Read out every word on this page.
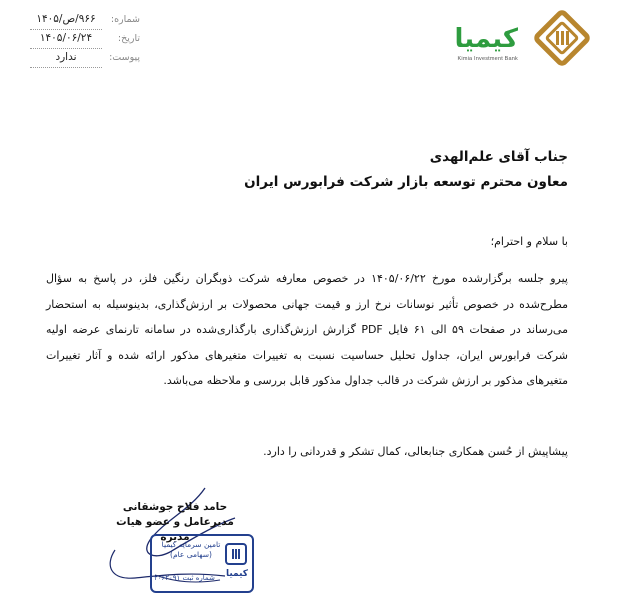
شماره:
۹۶۶/ص/۱۴۰۵
تاریخ:
۱۴۰۵/۰۶/۲۴
پیوست:
ندارد
کیمیا
Kimia Investment Bank
جناب آقای علم‌الهدی
معاون محترم توسعه بازار شرکت فرابورس ایران
با سلام و احترام؛

پیرو جلسه برگزارشده مورخ ۱۴۰۵/۰۶/۲۲ در خصوص معارفه شرکت ذوبگران رنگین فلز، در پاسخ به سؤال مطرح‌شده در خصوص تأثیر نوسانات نرخ ارز و قیمت جهانی محصولات بر ارزش‌گذاری، بدینوسیله به استحضار می‌رساند در صفحات ۵۹ الی ۶۱ فایل PDF گزارش ارزش‌گذاری بارگذاری‌شده در سامانه تارنمای عرضه اولیه شرکت فرابورس ایران، جداول تحلیل حساسیت نسبت به تغییرات متغیرهای مذکور ارائه شده و آثار تغییرات متغیرهای مذکور بر ارزش شرکت در قالب جداول مذکور قابل بررسی و ملاحظه می‌باشد.

پیشاپیش از حُسن همکاری جنابعالی، کمال تشکر و قدردانی را دارد.
حامد فلاح جوشقانی
مدیرعامل و عضو هیات مدیره
تامین سرمایه کیمیا
(سهامی عام)
کیمیا
شماره ثبت ۴۰۶۲۰۹۱
